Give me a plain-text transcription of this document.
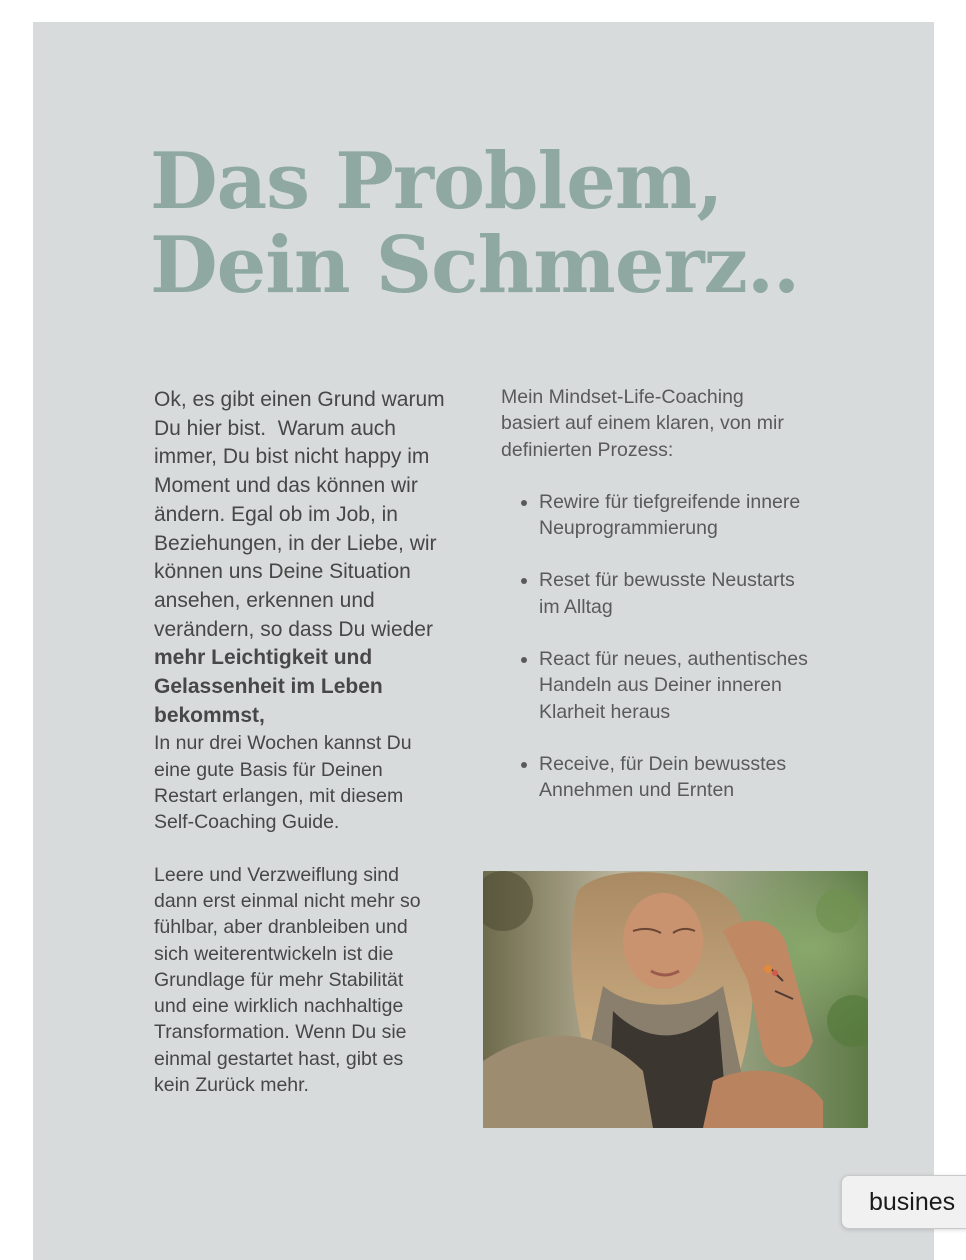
Das Problem,
Dein Schmerz..
Ok, es gibt einen Grund warum
Du hier bist.  Warum auch
immer, Du bist nicht happy im
Moment und das können wir
ändern. Egal ob im Job, in
Beziehungen, in der Liebe, wir
können uns Deine Situation
ansehen, erkennen und
verändern, so dass Du wieder
mehr Leichtigkeit und
Gelassenheit im Leben
bekommst,
In nur drei Wochen kannst Du
eine gute Basis für Deinen
Restart erlangen, mit diesem
Self-Coaching Guide.
Leere und Verzweiflung sind
dann erst einmal nicht mehr so
fühlbar, aber dranbleiben und
sich weiterentwickeln ist die
Grundlage für mehr Stabilität
und eine wirklich nachhaltige
Transformation. Wenn Du sie
einmal gestartet hast, gibt es
kein Zurück mehr.
Mein Mindset-Life-Coaching
basiert auf einem klaren, von mir
definierten Prozess:
• Rewire für tiefgreifende innere
Neuprogrammierung
• Reset für bewusste Neustarts
im Alltag
• React für neues, authentisches
Handeln aus Deiner inneren
Klarheit heraus
• Receive, für Dein bewusstes
Annehmen und Ernten
busines
